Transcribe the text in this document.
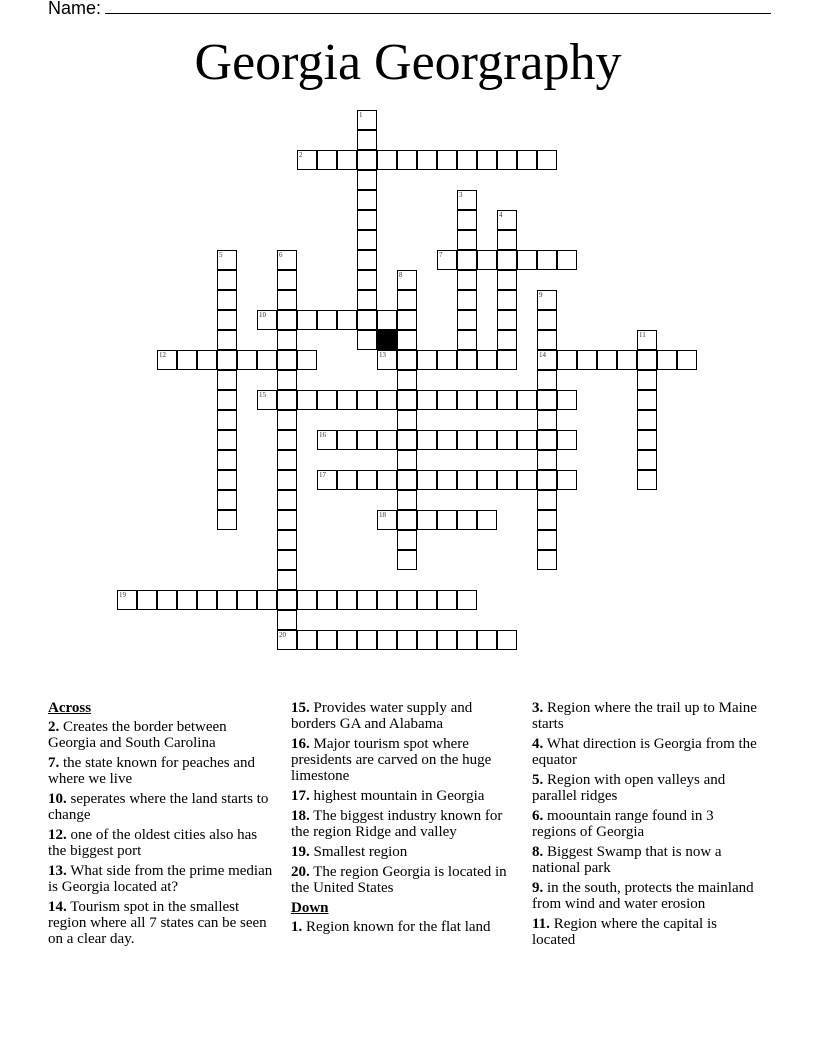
Name:
Georgia Georgraphy
1
2
3
4
5	6
20
7
8
9
14
10
11
12	13
15
16
17
18
19
Across
2. Creates the border between Georgia and South Carolina
7. the state known for peaches and where we live
10. seperates where the land starts to change
12. one of the oldest cities also has the biggest port
13. What side from the prime median is Georgia located at?
14. Tourism spot in the smallest region where all 7 states can be seen on a clear day.
15. Provides water supply and borders GA and Alabama
16. Major tourism spot where presidents are carved on the huge limestone
17. highest mountain in Georgia
18. The biggest industry known for the region Ridge and valley
19. Smallest region
20. The region Georgia is located in the United States
Down
1. Region known for the flat land
3. Region where the trail up to Maine starts
4. What direction is Georgia from the equator
5. Region with open valleys and parallel ridges
6. moountain range found in 3 regions of Georgia
8. Biggest Swamp that is now a national park
9. in the south, protects the mainland from wind and water erosion
11. Region where the capital is located
